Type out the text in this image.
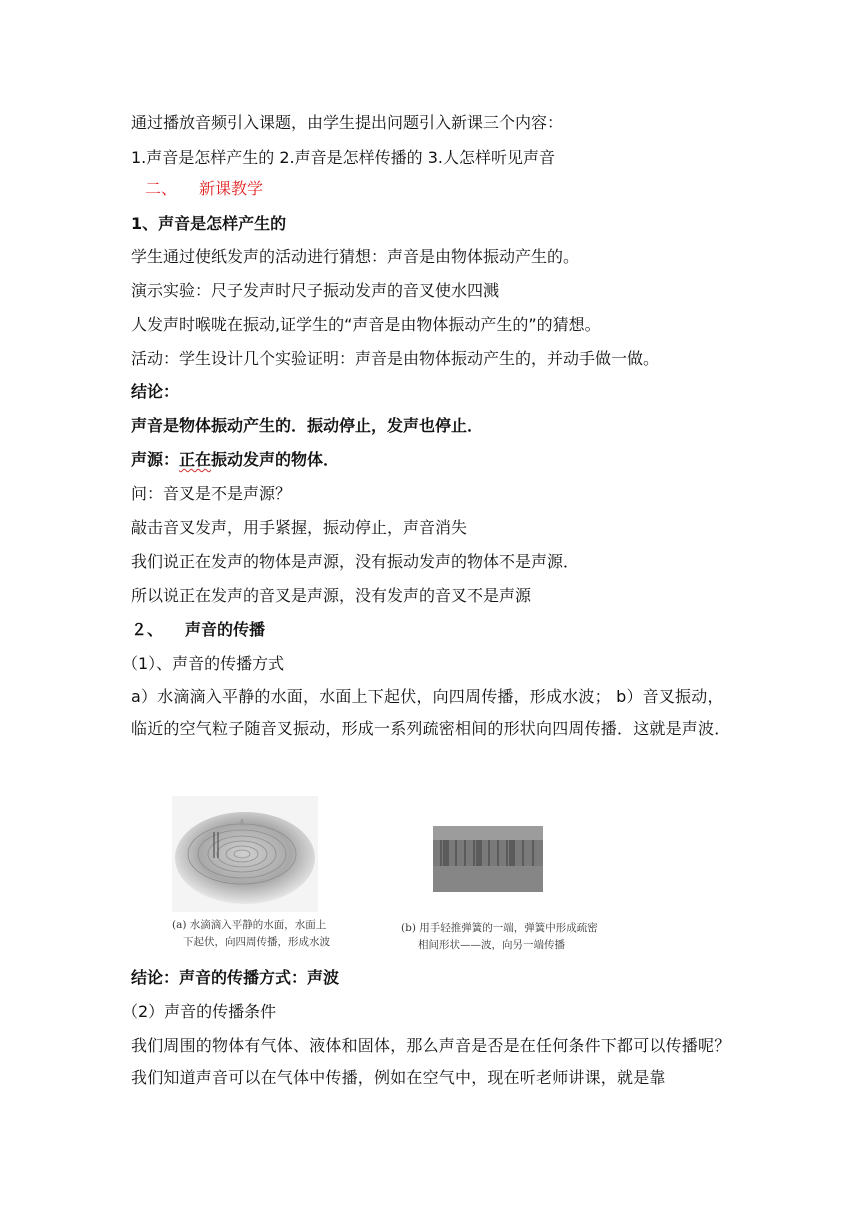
通过播放音频引入课题，由学生提出问题引入新课三个内容：
1.声音是怎样产生的 2.声音是怎样传播的 3.人怎样听见声音
二、 新课教学
1、声音是怎样产生的
学生通过使纸发声的活动进行猜想：声音是由物体振动产生的。
演示实验：尺子发声时尺子振动发声的音叉使水四溅
人发声时喉咙在振动,证学生的“声音是由物体振动产生的”的猜想。
活动：学生设计几个实验证明：声音是由物体振动产生的，并动手做一做。
结论：
声音是物体振动产生的．振动停止，发声也停止．
声源：正在振动发声的物体．
问：音叉是不是声源？
敲击音叉发声，用手紧握，振动停止，声音消失
我们说正在发声的物体是声源，没有振动发声的物体不是声源．
所以说正在发声的音叉是声源，没有发声的音叉不是声源
２、 声音的传播
（1）、声音的传播方式
a）水滴滴入平静的水面，水面上下起伏，向四周传播，形成水波； b）音叉振动，临近的空气粒子随音叉振动，形成一系列疏密相间的形状向四周传播．这就是声波．
(a) 水滴滴入平静的水面，水面上
下起伏，向四周传播，形成水波
(b) 用手轻推弹簧的一端，弹簧中形成疏密
相间形状——波，向另一端传播
结论：声音的传播方式：声波
（2）声音的传播条件
我们周围的物体有气体、液体和固体，那么声音是否是在任何条件下都可以传播呢？我们知道声音可以在气体中传播，例如在空气中，现在听老师讲课，就是靠
